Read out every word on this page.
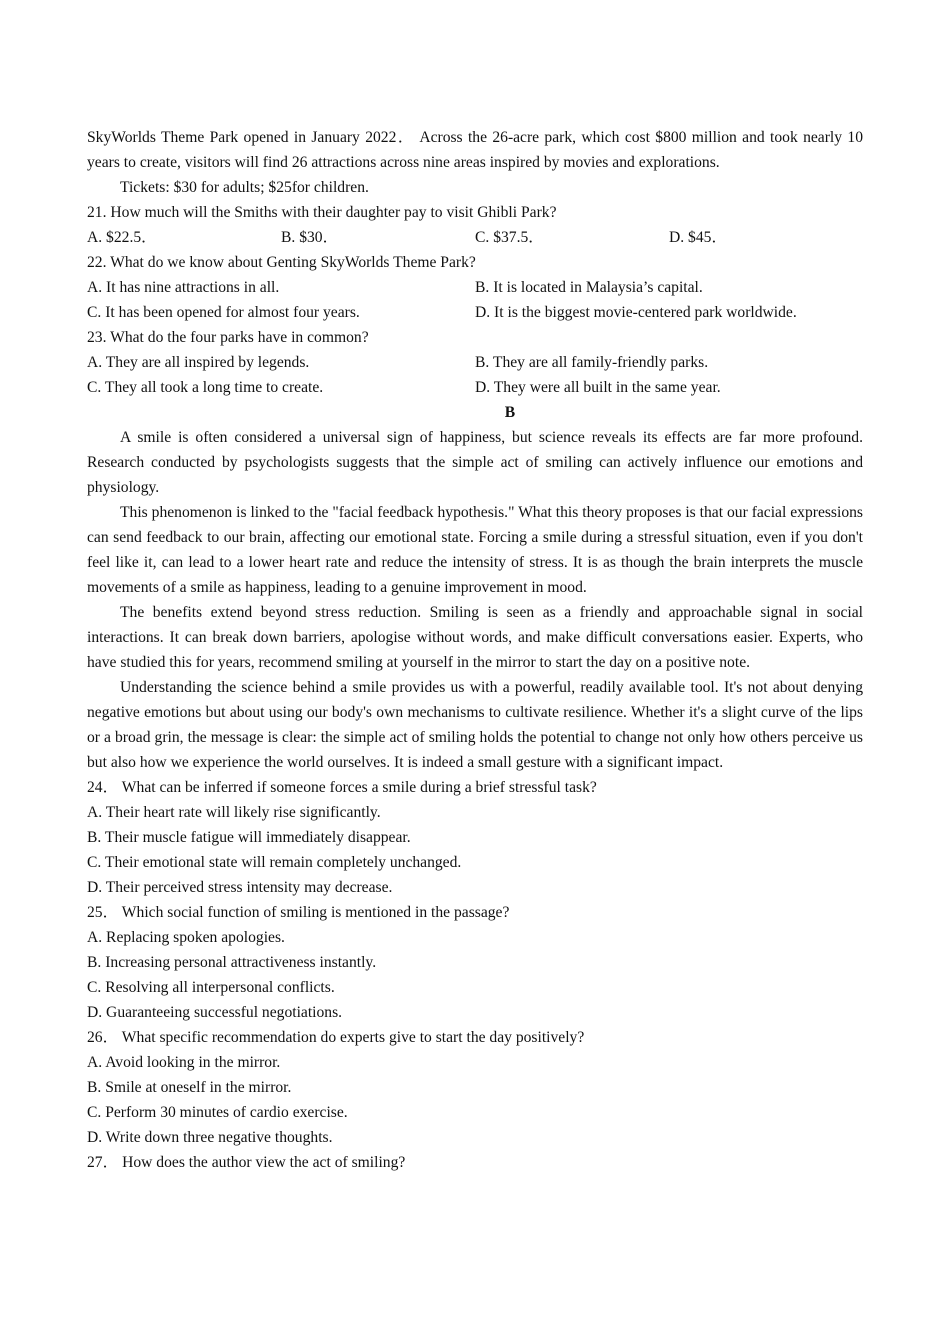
SkyWorlds Theme Park opened in January 2022． Across the 26-acre park, which cost $800 million and took nearly 10 years to create, visitors will find 26 attractions across nine areas inspired by movies and explorations.

Tickets: $30 for adults; $25for children.

21. How much will the Smiths with their daughter pay to visit Ghibli Park?

A. $22.5．	B. $30．	C. $37.5．	D. $45．

22. What do we know about Genting SkyWorlds Theme Park?

A. It has nine attractions in all.	B. It is located in Malaysia’s capital.
C. It has been opened for almost four years.	D. It is the biggest movie-centered park worldwide.

23. What do the four parks have in common?

A. They are all inspired by legends.	B. They are all family-friendly parks.
C. They all took a long time to create.	D. They were all built in the same year.

B

A smile is often considered a universal sign of happiness, but science reveals its effects are far more profound. Research conducted by psychologists suggests that the simple act of smiling can actively influence our emotions and physiology.

This phenomenon is linked to the "facial feedback hypothesis." What this theory proposes is that our facial expressions can send feedback to our brain, affecting our emotional state. Forcing a smile during a stressful situation, even if you don't feel like it, can lead to a lower heart rate and reduce the intensity of stress. It is as though the brain interprets the muscle movements of a smile as happiness, leading to a genuine improvement in mood.

The benefits extend beyond stress reduction. Smiling is seen as a friendly and approachable signal in social interactions. It can break down barriers, apologise without words, and make difficult conversations easier. Experts, who have studied this for years, recommend smiling at yourself in the mirror to start the day on a positive note.

Understanding the science behind a smile provides us with a powerful, readily available tool. It's not about denying negative emotions but about using our body's own mechanisms to cultivate resilience. Whether it's a slight curve of the lips or a broad grin, the message is clear: the simple act of smiling holds the potential to change not only how others perceive us but also how we experience the world ourselves. It is indeed a small gesture with a significant impact.

24． What can be inferred if someone forces a smile during a brief stressful task?

A. Their heart rate will likely rise significantly.

B. Their muscle fatigue will immediately disappear.

C. Their emotional state will remain completely unchanged.

D. Their perceived stress intensity may decrease.

25． Which social function of smiling is mentioned in the passage?

A. Replacing spoken apologies.

B. Increasing personal attractiveness instantly.

C. Resolving all interpersonal conflicts.

D. Guaranteeing successful negotiations.

26． What specific recommendation do experts give to start the day positively?

A. Avoid looking in the mirror.

B. Smile at oneself in the mirror.

C. Perform 30 minutes of cardio exercise.

D. Write down three negative thoughts.

27． How does the author view the act of smiling?
